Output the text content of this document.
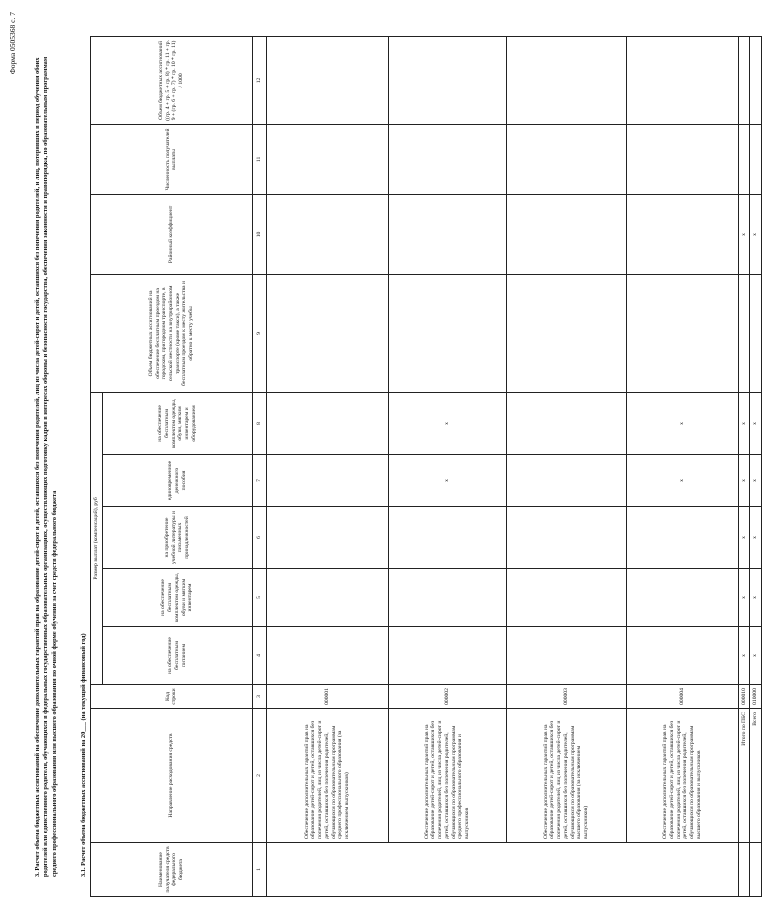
Форма 0505368 с. 7
3. Расчет объема бюджетных ассигнований на обеспечение дополнительных гарантий прав на образование детей-сирот и детей, оставшихся без попечения родителей, лиц из числа детей-сирот и детей, оставшихся без попечения родителей, и лиц, потерявших в период обучения обоих родителей или единственного родителя, обучающихся в федеральных государственных образовательных организациях, осуществляющих подготовку кадров в интересах обороны и безопасности государства, обеспечения законности и правопорядка, по образовательным программам среднего профессионального образования или высшего образования по очной форме обучения за счет средств федерального бюджета	3.1. Расчет объема бюджетных ассигнований на 20___ (на текущий финансовый год)	Наименование получателя средств федерального бюджета	Направление расходования средств	Код строки	Размер выплат (компенсаций), руб					Объем бюджетных ассигнований на обеспечение бесплатным проездом на городском, пригородном транспорте, в сельской местности на внутрирайонном транспорте (кроме такси), а также бесплатным проездом к месту жительства и обратно к месту учебы	Районный коэффициент	Численность получателей выплаты	Объем бюджетных ассигнований ((гр. 4 + гр. 5 + гр. 8) * гр. 11 + гр. 9 + (гр. 6 + гр. 7) * гр. 10 * гр. 11) / 1000
			на обеспечение бесплатным питанием	на обеспечение бесплатным комплектом одежды, обуви и мягким инвентарем	на приобретение учебной литературы и письменных принадлежностей	единовременное денежного пособия	на обеспечение бесплатным комплектом одежды, обуви, мягким инвентарем и оборудованием				
1	2	3	4	5	6	7	8	9	10	11	12
	Обеспечение дополнительных гарантий прав на образование детей-сирот и детей, оставшихся без попечения родителей, лиц из числа детей-сирот и детей, оставшихся без попечения родителей, обучающихся по образовательным программам среднего профессионального образования (за исключением выпускников)	000001									
	Обеспечение дополнительных гарантий прав на образование детей-сирот и детей, оставшихся без попечения родителей, лиц из числа детей-сирот и детей, оставшихся без попечения родителей, обучающихся по образовательным программам среднего профессионального образования и выпускников	000002				x	x				
	Обеспечение дополнительных гарантий прав на образование детей-сирот и детей, оставшихся без попечения родителей, лиц из числа детей-сирот и детей, оставшихся без попечения родителей, обучающихся по образовательным программам высшего образования (за исключением выпускников)	000003									
	Обеспечение дополнительных гарантий прав на образование детей-сирот и детей, оставшихся без попечения родителей, лиц из числа детей-сирот и детей, оставшихся без попечения родителей, обучающихся по образовательным программам высшего образования и выпускников	000004				x	x				
	Итого по ПБС	000010	x	x	x	x	x		x		
	Всего	010000	x	x	x	x	x		x		
